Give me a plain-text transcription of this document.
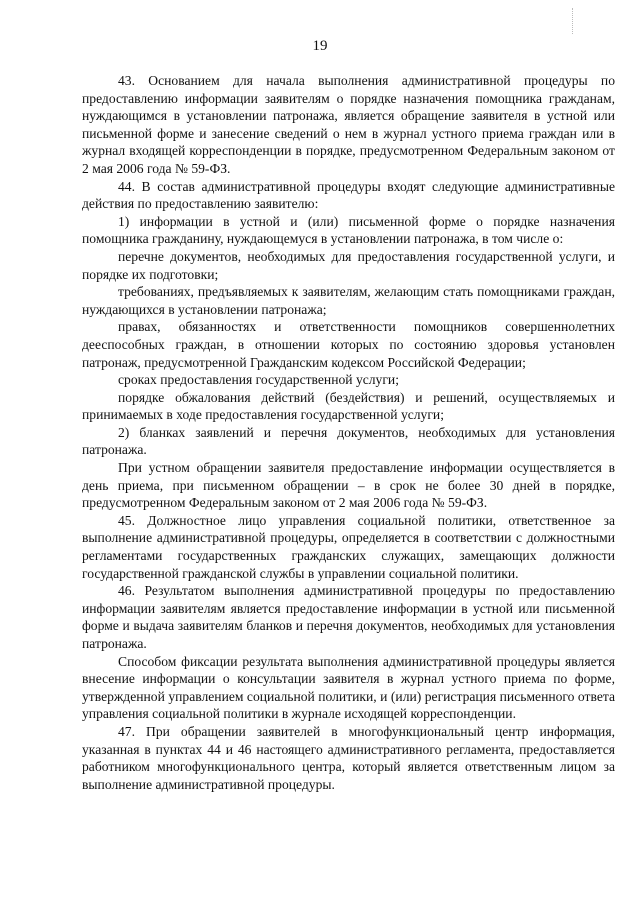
19

43. Основанием для начала выполнения административной процедуры по предоставлению информации заявителям о порядке назначения помощника гражданам, нуждающимся в установлении патронажа, является обращение заявителя в устной или письменной форме и занесение сведений о нем в журнал устного приема граждан или в журнал входящей корреспонденции в порядке, предусмотренном Федеральным законом от 2 мая 2006 года № 59-ФЗ.

44. В состав административной процедуры входят следующие административные действия по предоставлению заявителю:

1) информации в устной и (или) письменной форме о порядке назначения помощника гражданину, нуждающемуся в установлении патронажа, в том числе о:

перечне документов, необходимых для предоставления государственной услуги, и порядке их подготовки;

требованиях, предъявляемых к заявителям, желающим стать помощниками граждан, нуждающихся в установлении патронажа;

правах, обязанностях и ответственности помощников совершеннолетних дееспособных граждан, в отношении которых по состоянию здоровья установлен патронаж, предусмотренной Гражданским кодексом Российской Федерации;

сроках предоставления государственной услуги;

порядке обжалования действий (бездействия) и решений, осуществляемых и принимаемых в ходе предоставления государственной услуги;

2) бланках заявлений и перечня документов, необходимых для установления патронажа.

При устном обращении заявителя предоставление информации осуществляется в день приема, при письменном обращении – в срок не более 30 дней в порядке, предусмотренном Федеральным законом от 2 мая 2006 года № 59-ФЗ.

45. Должностное лицо управления социальной политики, ответственное за выполнение административной процедуры, определяется в соответствии с должностными регламентами государственных гражданских служащих, замещающих должности государственной гражданской службы в управлении социальной политики.

46. Результатом выполнения административной процедуры по предоставлению информации заявителям является предоставление информации в устной или письменной форме и выдача заявителям бланков и перечня документов, необходимых для установления патронажа.

Способом фиксации результата выполнения административной процедуры является внесение информации о консультации заявителя в журнал устного приема по форме, утвержденной управлением социальной политики, и (или) регистрация письменного ответа управления социальной политики в журнале исходящей корреспонденции.

47. При обращении заявителей в многофункциональный центр информация, указанная в пунктах 44 и 46 настоящего административного регламента, предоставляется работником многофункционального центра, который является ответственным лицом за выполнение административной процедуры.
